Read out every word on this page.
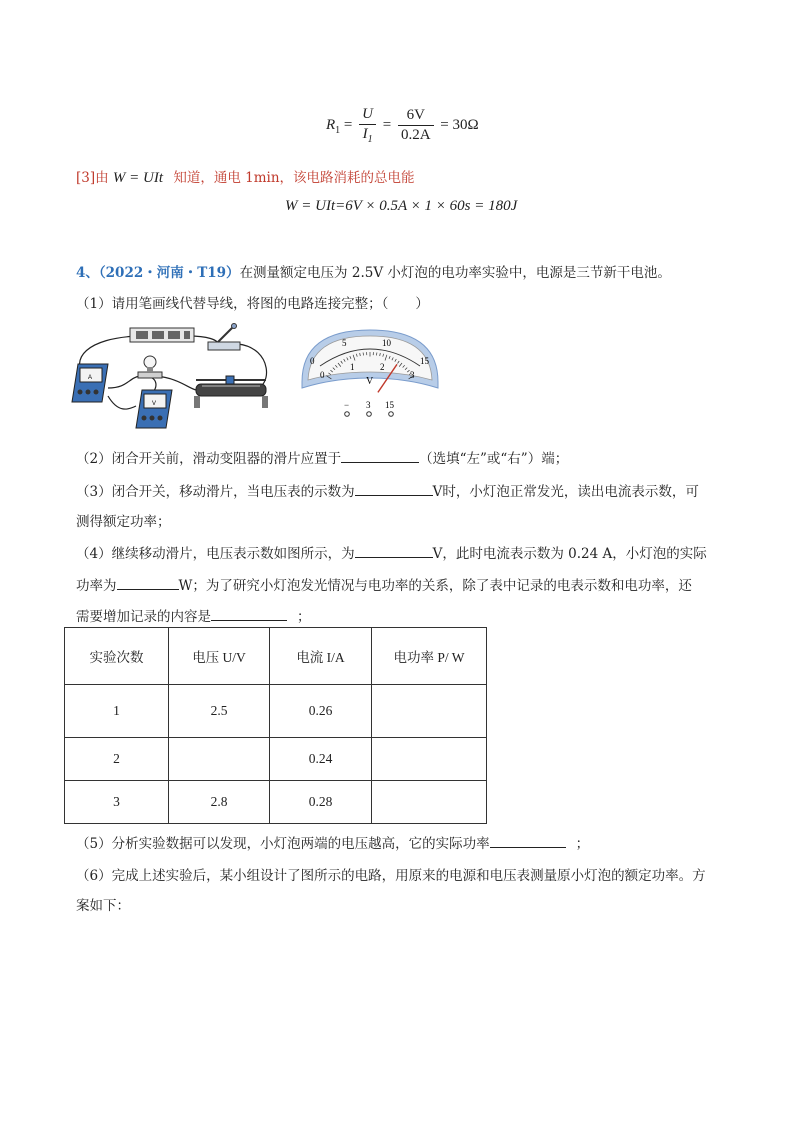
$R_1 = \frac{U}{I_1} = \frac{6V}{0.2A} = 30\Omega$
[3]由 W = UIt 知道，通电 1min，该电路消耗的总电能
W = UIt=6V × 0.5A × 1 × 60s = 180J
4、（2022・河南・T19）在测量额定电压为 2.5V 小灯泡的电功率实验中，电源是三节新干电池。
（1）请用笔画线代替导线，将图的电路连接完整；（　　）
A
V
0
5	10
15
0
1	2
3
V
− 3 15
（2）闭合开关前，滑动变阻器的滑片应置于	（选填“左”或“右”）端；
（3）闭合开关，移动滑片，当电压表的示数为	V时，小灯泡正常发光，读出电流表示数，可
测得额定功率；
（4）继续移动滑片，电压表示数如图所示，为	V，此时电流表示数为 0.24 A，小灯泡的实际
功率为	W；为了研究小灯泡发光情况与电功率的关系，除了表中记录的电表示数和电功率，还
需要增加记录的内容是	；
实验次数	电压 U/V	电流 I/A	电功率 P/ W
1	2.5	0.26	
2		0.24	
3	2.8	0.28	
（5）分析实验数据可以发现，小灯泡两端的电压越高，它的实际功率	；
（6）完成上述实验后，某小组设计了图所示的电路，用原来的电源和电压表测量原小灯泡的额定功率。方
案如下：
